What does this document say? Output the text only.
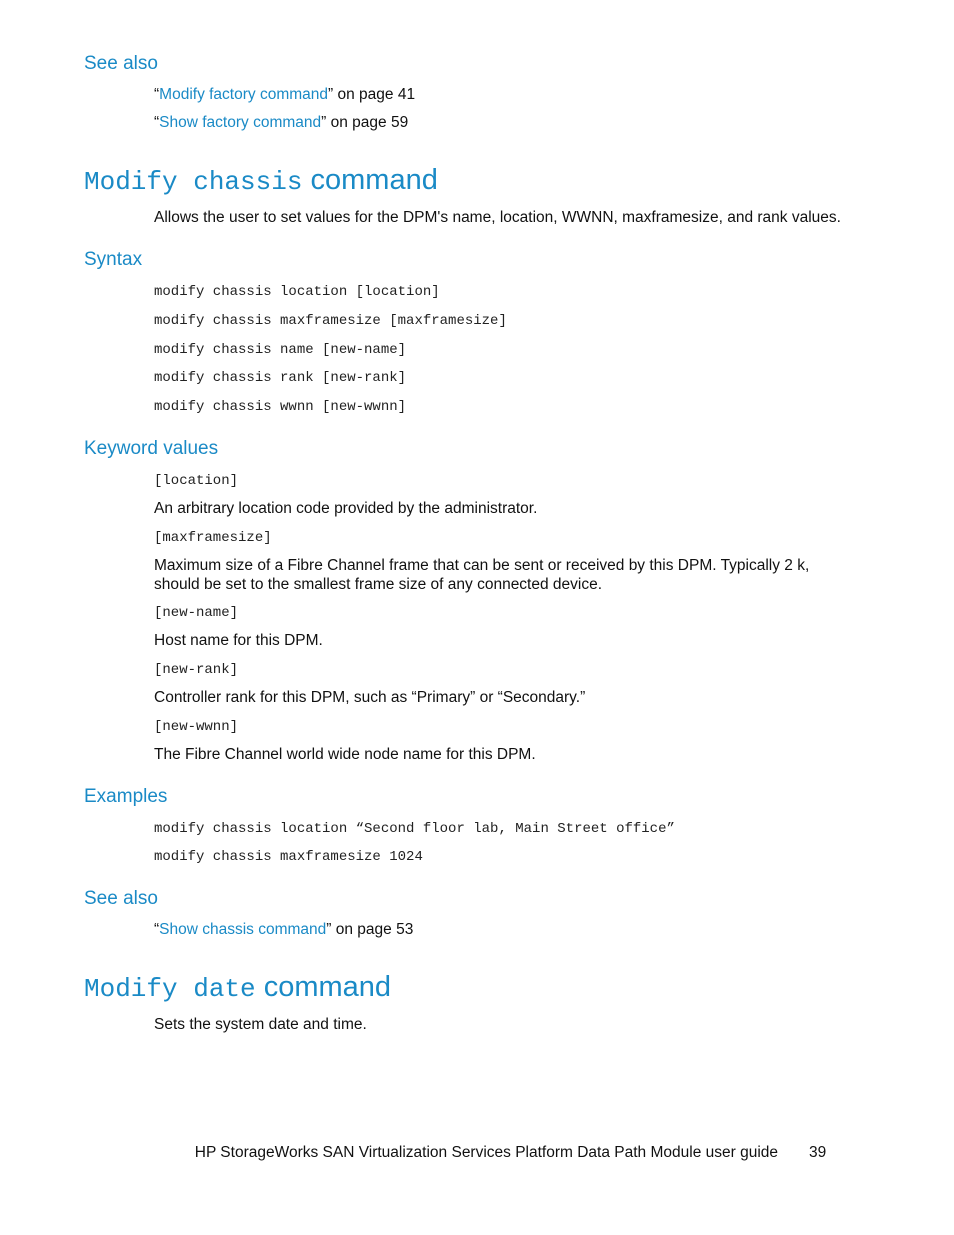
See also
“Modify factory command” on page 41
“Show factory command” on page 59
Modify chassis command
Allows the user to set values for the DPM's name, location, WWNN, maxframesize, and rank values.
Syntax
modify chassis location [location]
modify chassis maxframesize [maxframesize]
modify chassis name [new-name]
modify chassis rank [new-rank]
modify chassis wwnn [new-wwnn]
Keyword values
[location]
An arbitrary location code provided by the administrator.
[maxframesize]
Maximum size of a Fibre Channel frame that can be sent or received by this DPM. Typically 2 k, should be set to the smallest frame size of any connected device.
[new-name]
Host name for this DPM.
[new-rank]
Controller rank for this DPM, such as “Primary” or “Secondary.”
[new-wwnn]
The Fibre Channel world wide node name for this DPM.
Examples
modify chassis location “Second floor lab, Main Street office”
modify chassis maxframesize 1024
See also
“Show chassis command” on page 53
Modify date command
Sets the system date and time.
HP StorageWorks SAN Virtualization Services Platform Data Path Module user guide 39
